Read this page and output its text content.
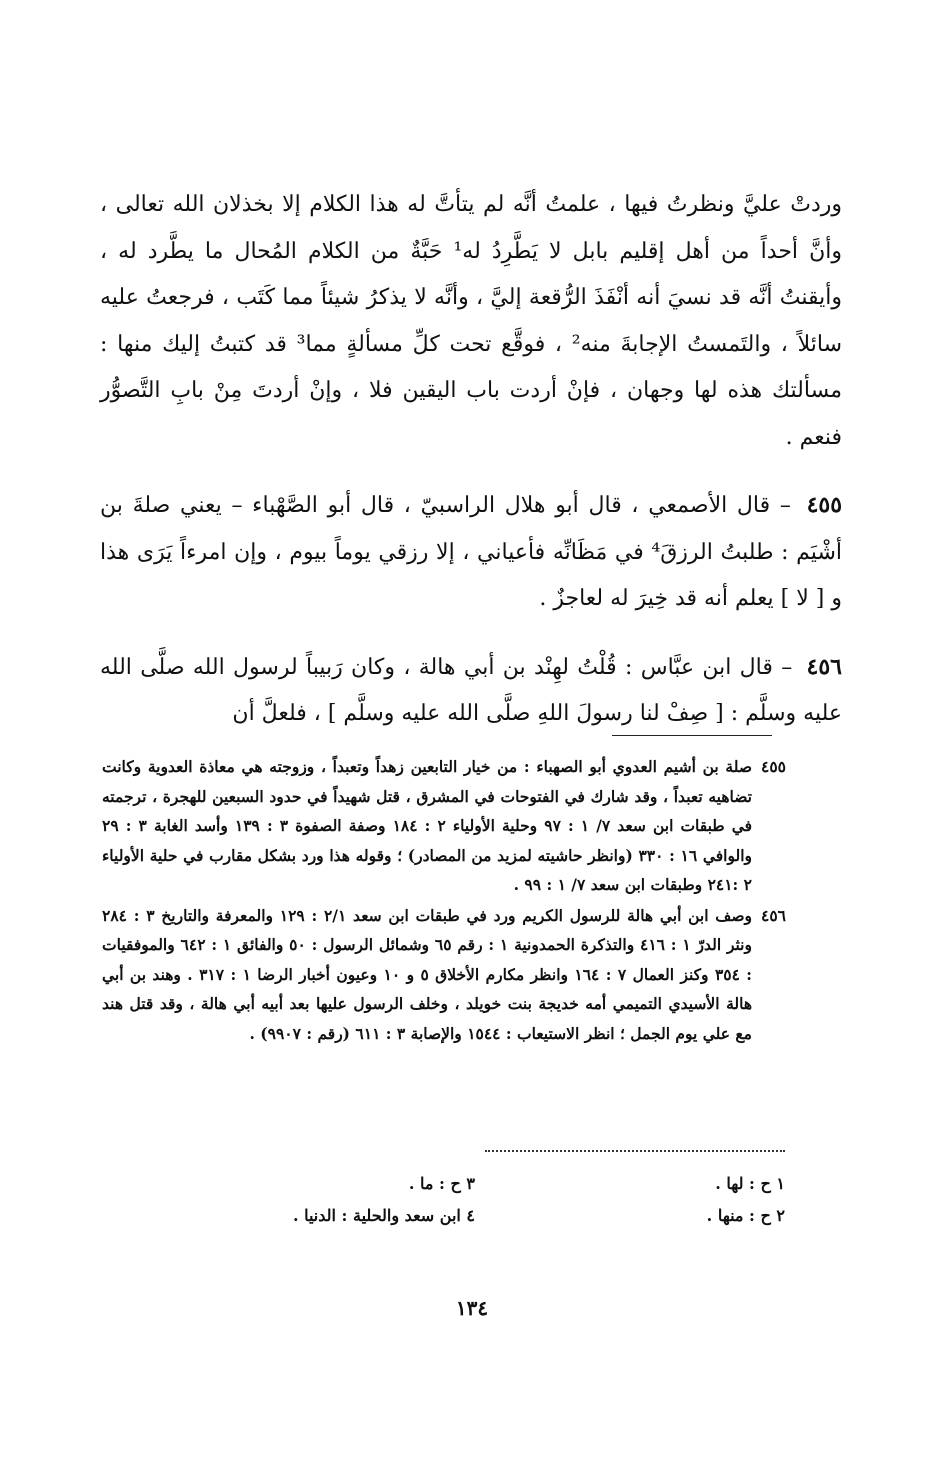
وردتْ عليَّ ونظرتُ فيها ، علمتُ أنَّه لم يتأتَّ له هذا الكلام إلا بخذلان الله تعالى ، وأنَّ أحداً من أهل إقليم بابل لا يَطَّرِدُ له¹ حَبَّةٌ من الكلام المُحال ما يطَّرد له ، وأيقنتُ أنَّه قد نسيَ أنه أنْفَذَ الرُّقعة إليَّ ، وأنَّه لا يذكرُ شيئاً مما كَتَب ، فرجعتُ عليه سائلاً ، والتَمستُ الإجابةَ منه² ، فوقَّع تحت كلِّ مسألةٍ مما³ قد كتبتُ إليك منها : مسألتك هذه لها وجهان ، فإنْ أردت باب اليقين فلا ، وإنْ أردتَ مِنْ بابِ التَّصوُّر فنعم .

٤٥٥ – قال الأصمعي ، قال أبو هلال الراسبيّ ، قال أبو الصَّهْباء – يعني صلةَ بن أشْيَم : طلبتُ الرزقَ⁴ في مَظَانِّه فأعياني ، إلا رزقي يوماً بيوم ، وإن امرءاً يَرَى هذا و [ لا ] يعلم أنه قد خِيرَ له لعاجزٌ .

٤٥٦ – قال ابن عبَّاس : قُلْتُ لهِنْد بن أبي هالة ، وكان رَبيباً لرسول الله صلَّى الله عليه وسلَّم : [ صِفْ لنا رسولَ اللهِ صلَّى الله عليه وسلَّم ] ، فلعلَّ أن

٤٥٥
صلة بن أشيم العدوي أبو الصهباء : من خيار التابعين زهداً وتعبداً ، وزوجته هي معاذة العدوية وكانت تضاهيه تعبداً ، وقد شارك في الفتوحات في المشرق ، قتل شهيداً في حدود السبعين للهجرة ، ترجمته في طبقات ابن سعد ٧/ ١ : ٩٧ وحلية الأولياء ٢ : ١٨٤ وصفة الصفوة ٣ : ١٣٩ وأسد الغابة ٣ : ٢٩ والوافي ١٦ : ٣٣٠ (وانظر حاشيته لمزيد من المصادر) ؛ وقوله هذا ورد بشكل مقارب في حلية الأولياء ٢ :٢٤١ وطبقات ابن سعد ٧/ ١ : ٩٩ .
٤٥٦
وصف ابن أبي هالة للرسول الكريم ورد في طبقات ابن سعد ٢/١ : ١٢٩ والمعرفة والتاريخ ٣ : ٢٨٤ ونثر الدرّ ١ : ٤١٦ والتذكرة الحمدونية ١ : رقم ٦٥ وشمائل الرسول : ٥٠ والفائق ١ : ٦٤٢ والموفقيات : ٣٥٤ وكنز العمال ٧ : ١٦٤ وانظر مكارم الأخلاق ٥ و ١٠ وعيون أخبار الرضا ١ : ٣١٧ . وهند بن أبي هالة الأسيدي التميمي أمه خديجة بنت خويلد ، وخلف الرسول عليها بعد أبيه أبي هالة ، وقد قتل هند مع علي يوم الجمل ؛ انظر الاستيعاب : ١٥٤٤ والإصابة ٣ : ٦١١ (رقم : ٩٩٠٧) .
١ ح : لها .
٣ ح : ما .
٢ ح : منها .
٤ ابن سعد والحلية : الدنيا .
١٣٤
